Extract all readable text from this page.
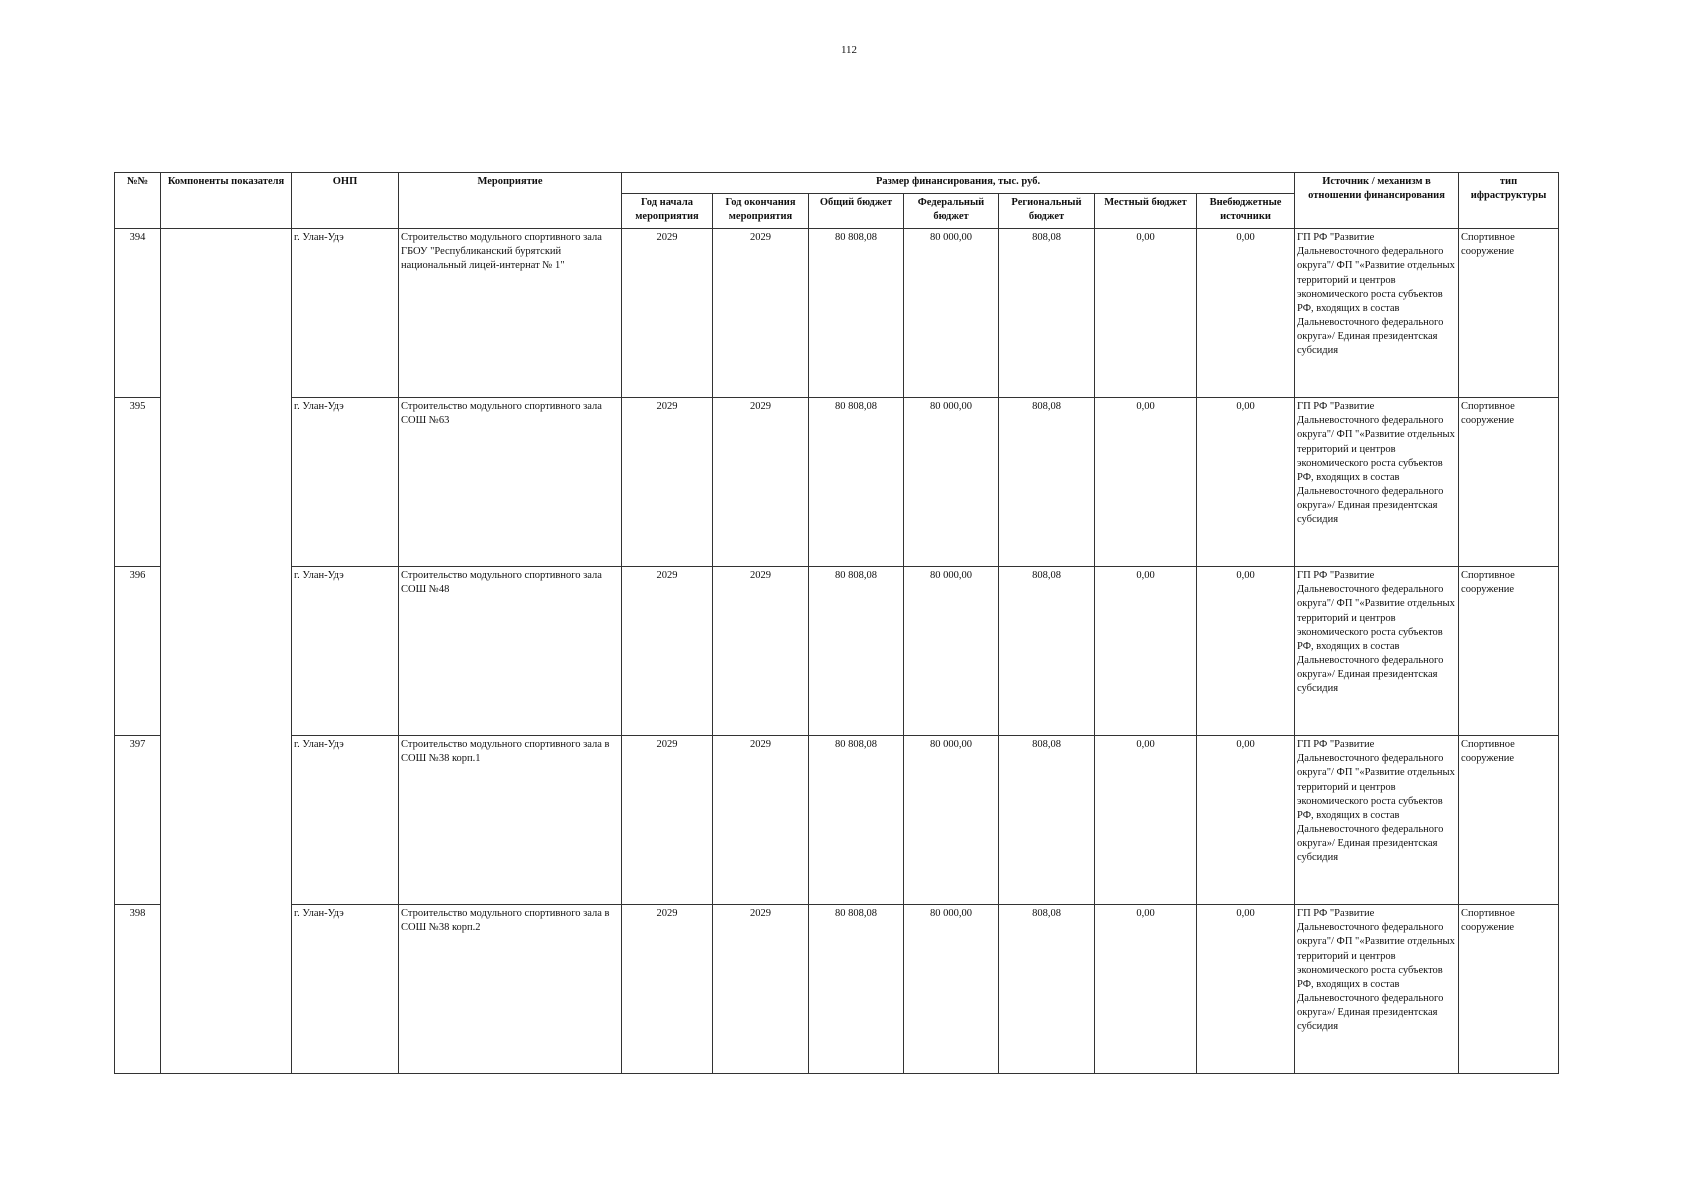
112
№№	Компоненты показателя	ОНП	Мероприятие	Размер финансирования, тыс. руб.							Источник / механизм в отношении финансирования	тип ифраструктуры
				Год начала мероприятия	Год окончания мероприятия	Общий бюджет	Федеральный бюджет	Региональный бюджет	Местный бюджет	Внебюджетные источники		
394		г. Улан-Удэ	Строительство модульного спортивного зала ГБОУ "Республиканский бурятский национальный лицей-интернат № 1"	2029	2029	80 808,08	80 000,00	808,08	0,00	0,00	ГП РФ "Развитие Дальневосточного федерального округа"/ ФП "«Развитие отдельных территорий и центров экономического роста субъектов РФ, входящих в состав Дальневосточного федерального округа»/ Единая президентская субсидия	Спортивное сооружение
395		г. Улан-Удэ	Строительство модульного спортивного зала СОШ №63	2029	2029	80 808,08	80 000,00	808,08	0,00	0,00	ГП РФ "Развитие Дальневосточного федерального округа"/ ФП "«Развитие отдельных территорий и центров экономического роста субъектов РФ, входящих в состав Дальневосточного федерального округа»/ Единая президентская субсидия	Спортивное сооружение
396		г. Улан-Удэ	Строительство модульного спортивного зала СОШ №48	2029	2029	80 808,08	80 000,00	808,08	0,00	0,00	ГП РФ "Развитие Дальневосточного федерального округа"/ ФП "«Развитие отдельных территорий и центров экономического роста субъектов РФ, входящих в состав Дальневосточного федерального округа»/ Единая президентская субсидия	Спортивное сооружение
397		г. Улан-Удэ	Строительство модульного спортивного зала в СОШ №38 корп.1	2029	2029	80 808,08	80 000,00	808,08	0,00	0,00	ГП РФ "Развитие Дальневосточного федерального округа"/ ФП "«Развитие отдельных территорий и центров экономического роста субъектов РФ, входящих в состав Дальневосточного федерального округа»/ Единая президентская субсидия	Спортивное сооружение
398		г. Улан-Удэ	Строительство модульного спортивного зала в СОШ №38 корп.2	2029	2029	80 808,08	80 000,00	808,08	0,00	0,00	ГП РФ "Развитие Дальневосточного федерального округа"/ ФП "«Развитие отдельных территорий и центров экономического роста субъектов РФ, входящих в состав Дальневосточного федерального округа»/ Единая президентская субсидия	Спортивное сооружение
